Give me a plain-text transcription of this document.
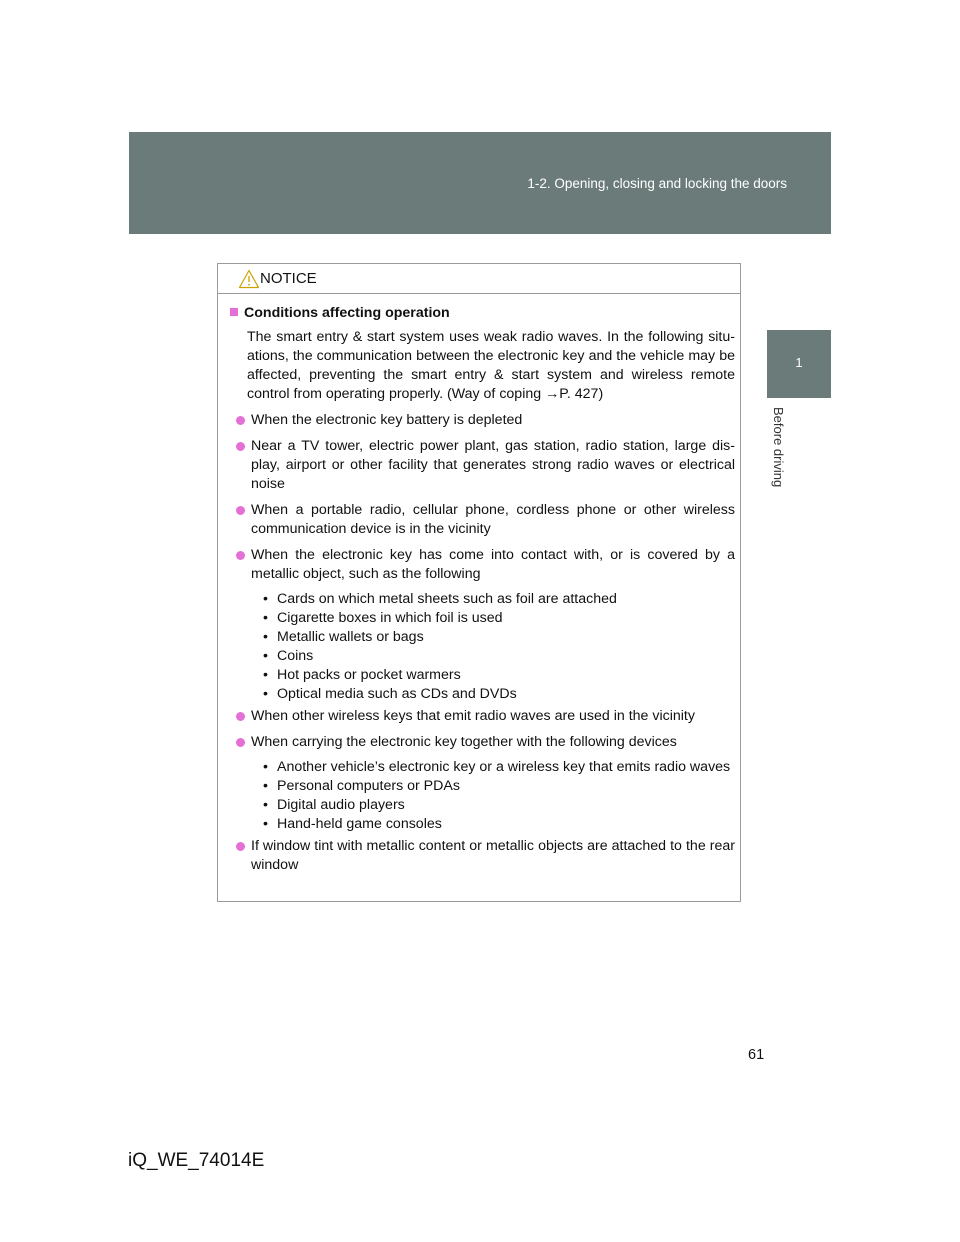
1-2. Opening, closing and locking the doors
1
Before driving
NOTICE
Conditions affecting operation

The smart entry & start system uses weak radio waves. In the following situ-ations, the communication between the electronic key and the vehicle may be affected, preventing the smart entry & start system and wireless remote control from operating properly. (Way of coping →P. 427)

When the electronic key battery is depleted
Near a TV tower, electric power plant, gas station, radio station, large dis-play, airport or other facility that generates strong radio waves or electrical noise
When a portable radio, cellular phone, cordless phone or other wireless communication device is in the vicinity
When the electronic key has come into contact with, or is covered by a metallic object, such as the following
• Cards on which metal sheets such as foil are attached
• Cigarette boxes in which foil is used
• Metallic wallets or bags
• Coins
• Hot packs or pocket warmers
• Optical media such as CDs and DVDs
When other wireless keys that emit radio waves are used in the vicinity
When carrying the electronic key together with the following devices
• Another vehicle’s electronic key or a wireless key that emits radio waves
• Personal computers or PDAs
• Digital audio players
• Hand-held game consoles
If window tint with metallic content or metallic objects are attached to the rear window
61
iQ_WE_74014E
